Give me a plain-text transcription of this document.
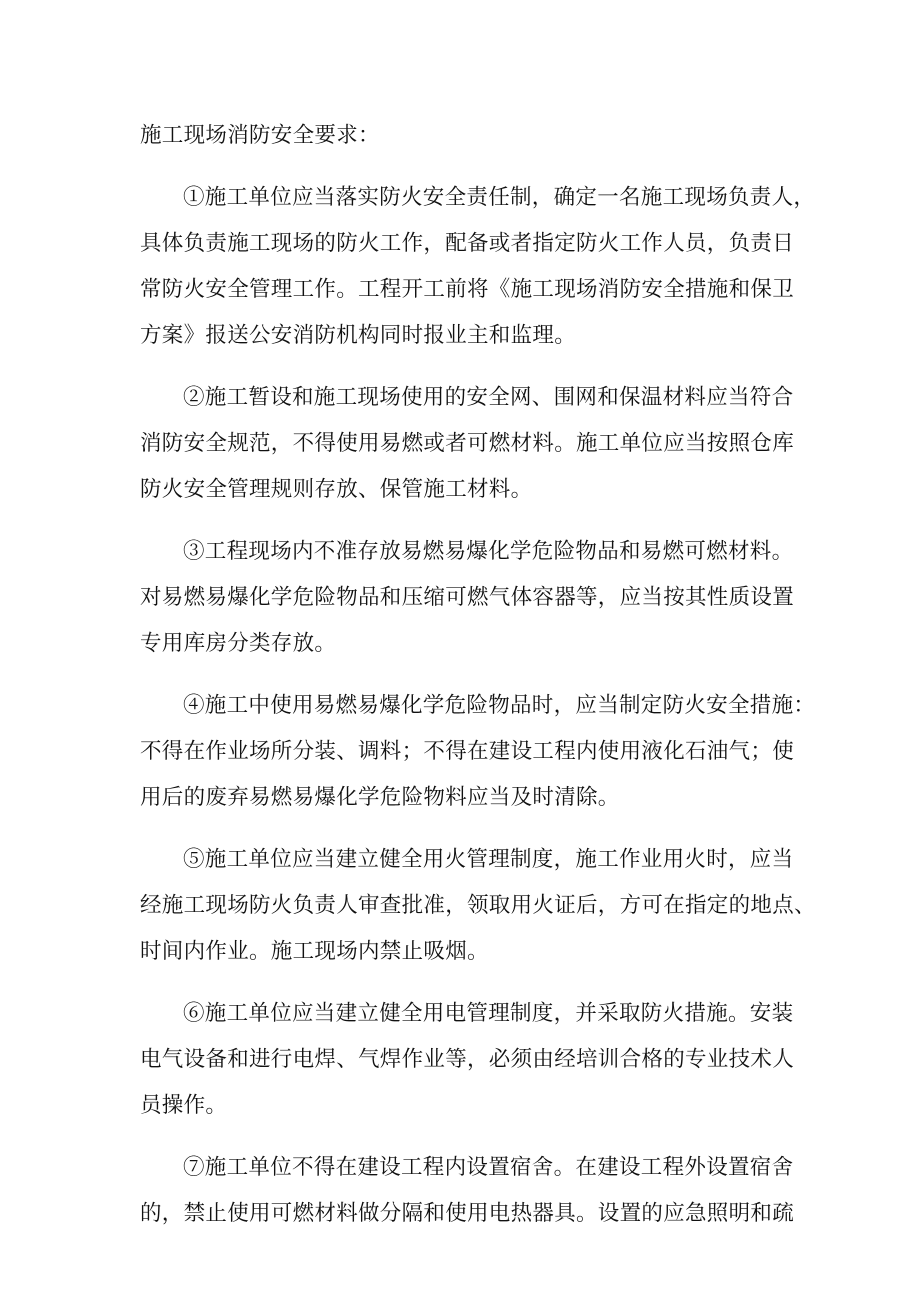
施工现场消防安全要求：
①施工单位应当落实防火安全责任制，确定一名施工现场负责人，
具体负责施工现场的防火工作，配备或者指定防火工作人员，负责日
常防火安全管理工作。工程开工前将《施工现场消防安全措施和保卫
方案》报送公安消防机构同时报业主和监理。
②施工暂设和施工现场使用的安全网、围网和保温材料应当符合
消防安全规范，不得使用易燃或者可燃材料。施工单位应当按照仓库
防火安全管理规则存放、保管施工材料。
③工程现场内不准存放易燃易爆化学危险物品和易燃可燃材料。
对易燃易爆化学危险物品和压缩可燃气体容器等，应当按其性质设置
专用库房分类存放。
④施工中使用易燃易爆化学危险物品时，应当制定防火安全措施：
不得在作业场所分装、调料；不得在建设工程内使用液化石油气；使
用后的废弃易燃易爆化学危险物料应当及时清除。
⑤施工单位应当建立健全用火管理制度，施工作业用火时，应当
经施工现场防火负责人审查批准，领取用火证后，方可在指定的地点、
时间内作业。施工现场内禁止吸烟。
⑥施工单位应当建立健全用电管理制度，并采取防火措施。安装
电气设备和进行电焊、气焊作业等，必须由经培训合格的专业技术人
员操作。
⑦施工单位不得在建设工程内设置宿舍。在建设工程外设置宿舍
的，禁止使用可燃材料做分隔和使用电热器具。设置的应急照明和疏
